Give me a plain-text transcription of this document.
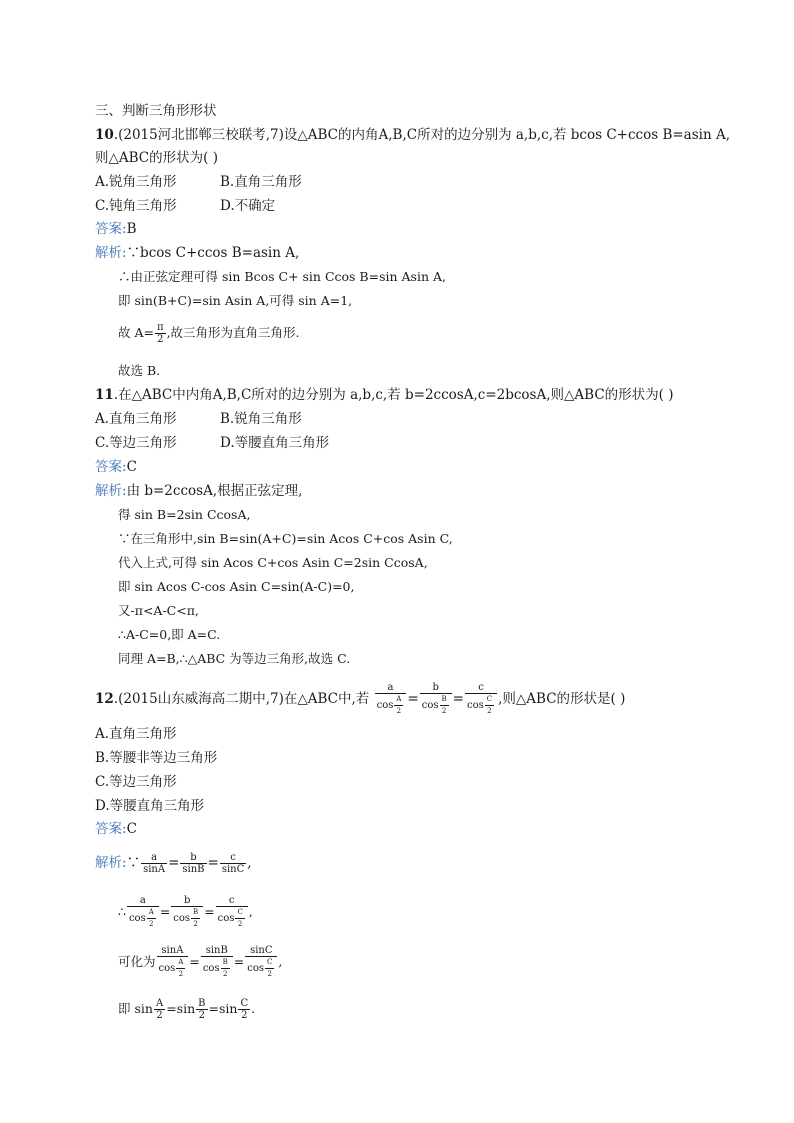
三、判断三角形形状
10.(2015河北邯郸三校联考,7)设△ABC的内角A,B,C所对的边分别为 a,b,c,若 bcos C+ccos B=asin A,
则△ABC的形状为( )
A.锐角三角形	B.直角三角形
C.钝角三角形	D.不确定
答案:B
解析:∵bcos C+ccos B=asin A,
∴由正弦定理可得 sin Bcos C+ sin Ccos B=sin Asin A,
即 sin(B+C)=sin Asin A,可得 sin A=1,
故 $A= \frac{\pi}{2}$ ,故三角形为直角三角形.
故选 B.
11.在△ABC中内角A,B,C所对的边分别为 a,b,c,若 b=2ccosA,c=2bcosA,则△ABC的形状为( )
A.直角三角形	B.锐角三角形
C.等边三角形	D.等腰直角三角形
答案:C
解析:由 b=2ccosA,根据正弦定理,
得 sin B=2sin CcosA,
∵在三角形中,sin B=sin(A+C)=sin Acos C+cos Asin C,
代入上式,可得 sin Acos C+cos Asin C=2sin CcosA,
即 sin Acos C-cos Asin C=sin(A-C)=0,
又-π<A-C<π,
∴A-C=0,即 A=C.
同理 A=B,∴△ABC 为等边三角形,故选 C.
12.(2015山东威海高二期中,7)在△ABC中,若 $\frac{a}{\cos \frac{A}{2}} = \frac{b}{\cos \frac{B}{2}} = \frac{c}{\cos \frac{C}{2}}$ ,则△ABC的形状是( )
A.直角三角形
B.等腰非等边三角形
C.等边三角形
D.等腰直角三角形
答案:C
解析:∵ $\frac{a}{\sin A} = \frac{b}{\sin B} = \frac{c}{\sin C}$ ,
∴ $\frac{a}{\cos \frac{A}{2}} = \frac{b}{\cos \frac{B}{2}} = \frac{c}{\cos \frac{C}{2}}$ ,
可化为 $\frac{\sin A}{\cos \frac{A}{2}} = \frac{\sin B}{\cos \frac{B}{2}} = \frac{\sin C}{\cos \frac{C}{2}}$ ,
即 $\sin \frac{A}{2} =\sin \frac{B}{2} =\sin \frac{C}{2}$ .
